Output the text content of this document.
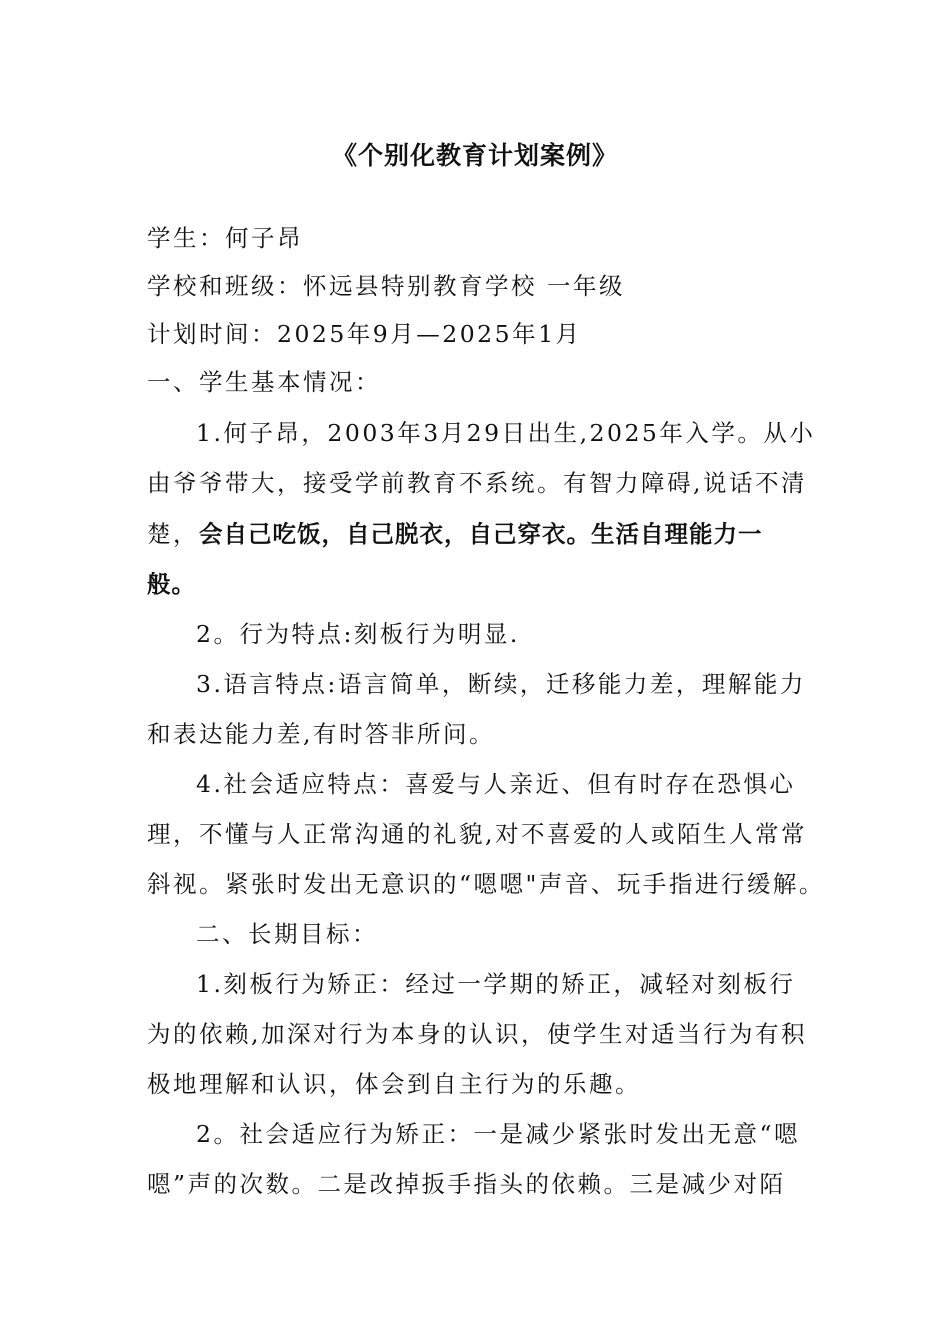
《个别化教育计划案例》
学生：何子昂
学校和班级：怀远县特别教育学校 一年级
计划时间：2025年9月—2025年1月
一、学生基本情况：
1.何子昂，2003年3月29日出生,2025年入学。从小
由爷爷带大，接受学前教育不系统。有智力障碍,说话不清
楚，会自己吃饭，自己脱衣，自己穿衣。生活自理能力一
般。
2。行为特点:刻板行为明显.
3.语言特点:语言简单，断续，迁移能力差，理解能力
和表达能力差,有时答非所问。
4.社会适应特点：喜爱与人亲近、但有时存在恐惧心
理，不懂与人正常沟通的礼貌,对不喜爱的人或陌生人常常
斜视。紧张时发出无意识的“嗯嗯"声音、玩手指进行缓解。
二、长期目标：
1.刻板行为矫正：经过一学期的矫正，减轻对刻板行
为的依赖,加深对行为本身的认识，使学生对适当行为有积
极地理解和认识，体会到自主行为的乐趣。
2。社会适应行为矫正：一是减少紧张时发出无意“嗯
嗯”声的次数。二是改掉扳手指头的依赖。三是减少对陌
